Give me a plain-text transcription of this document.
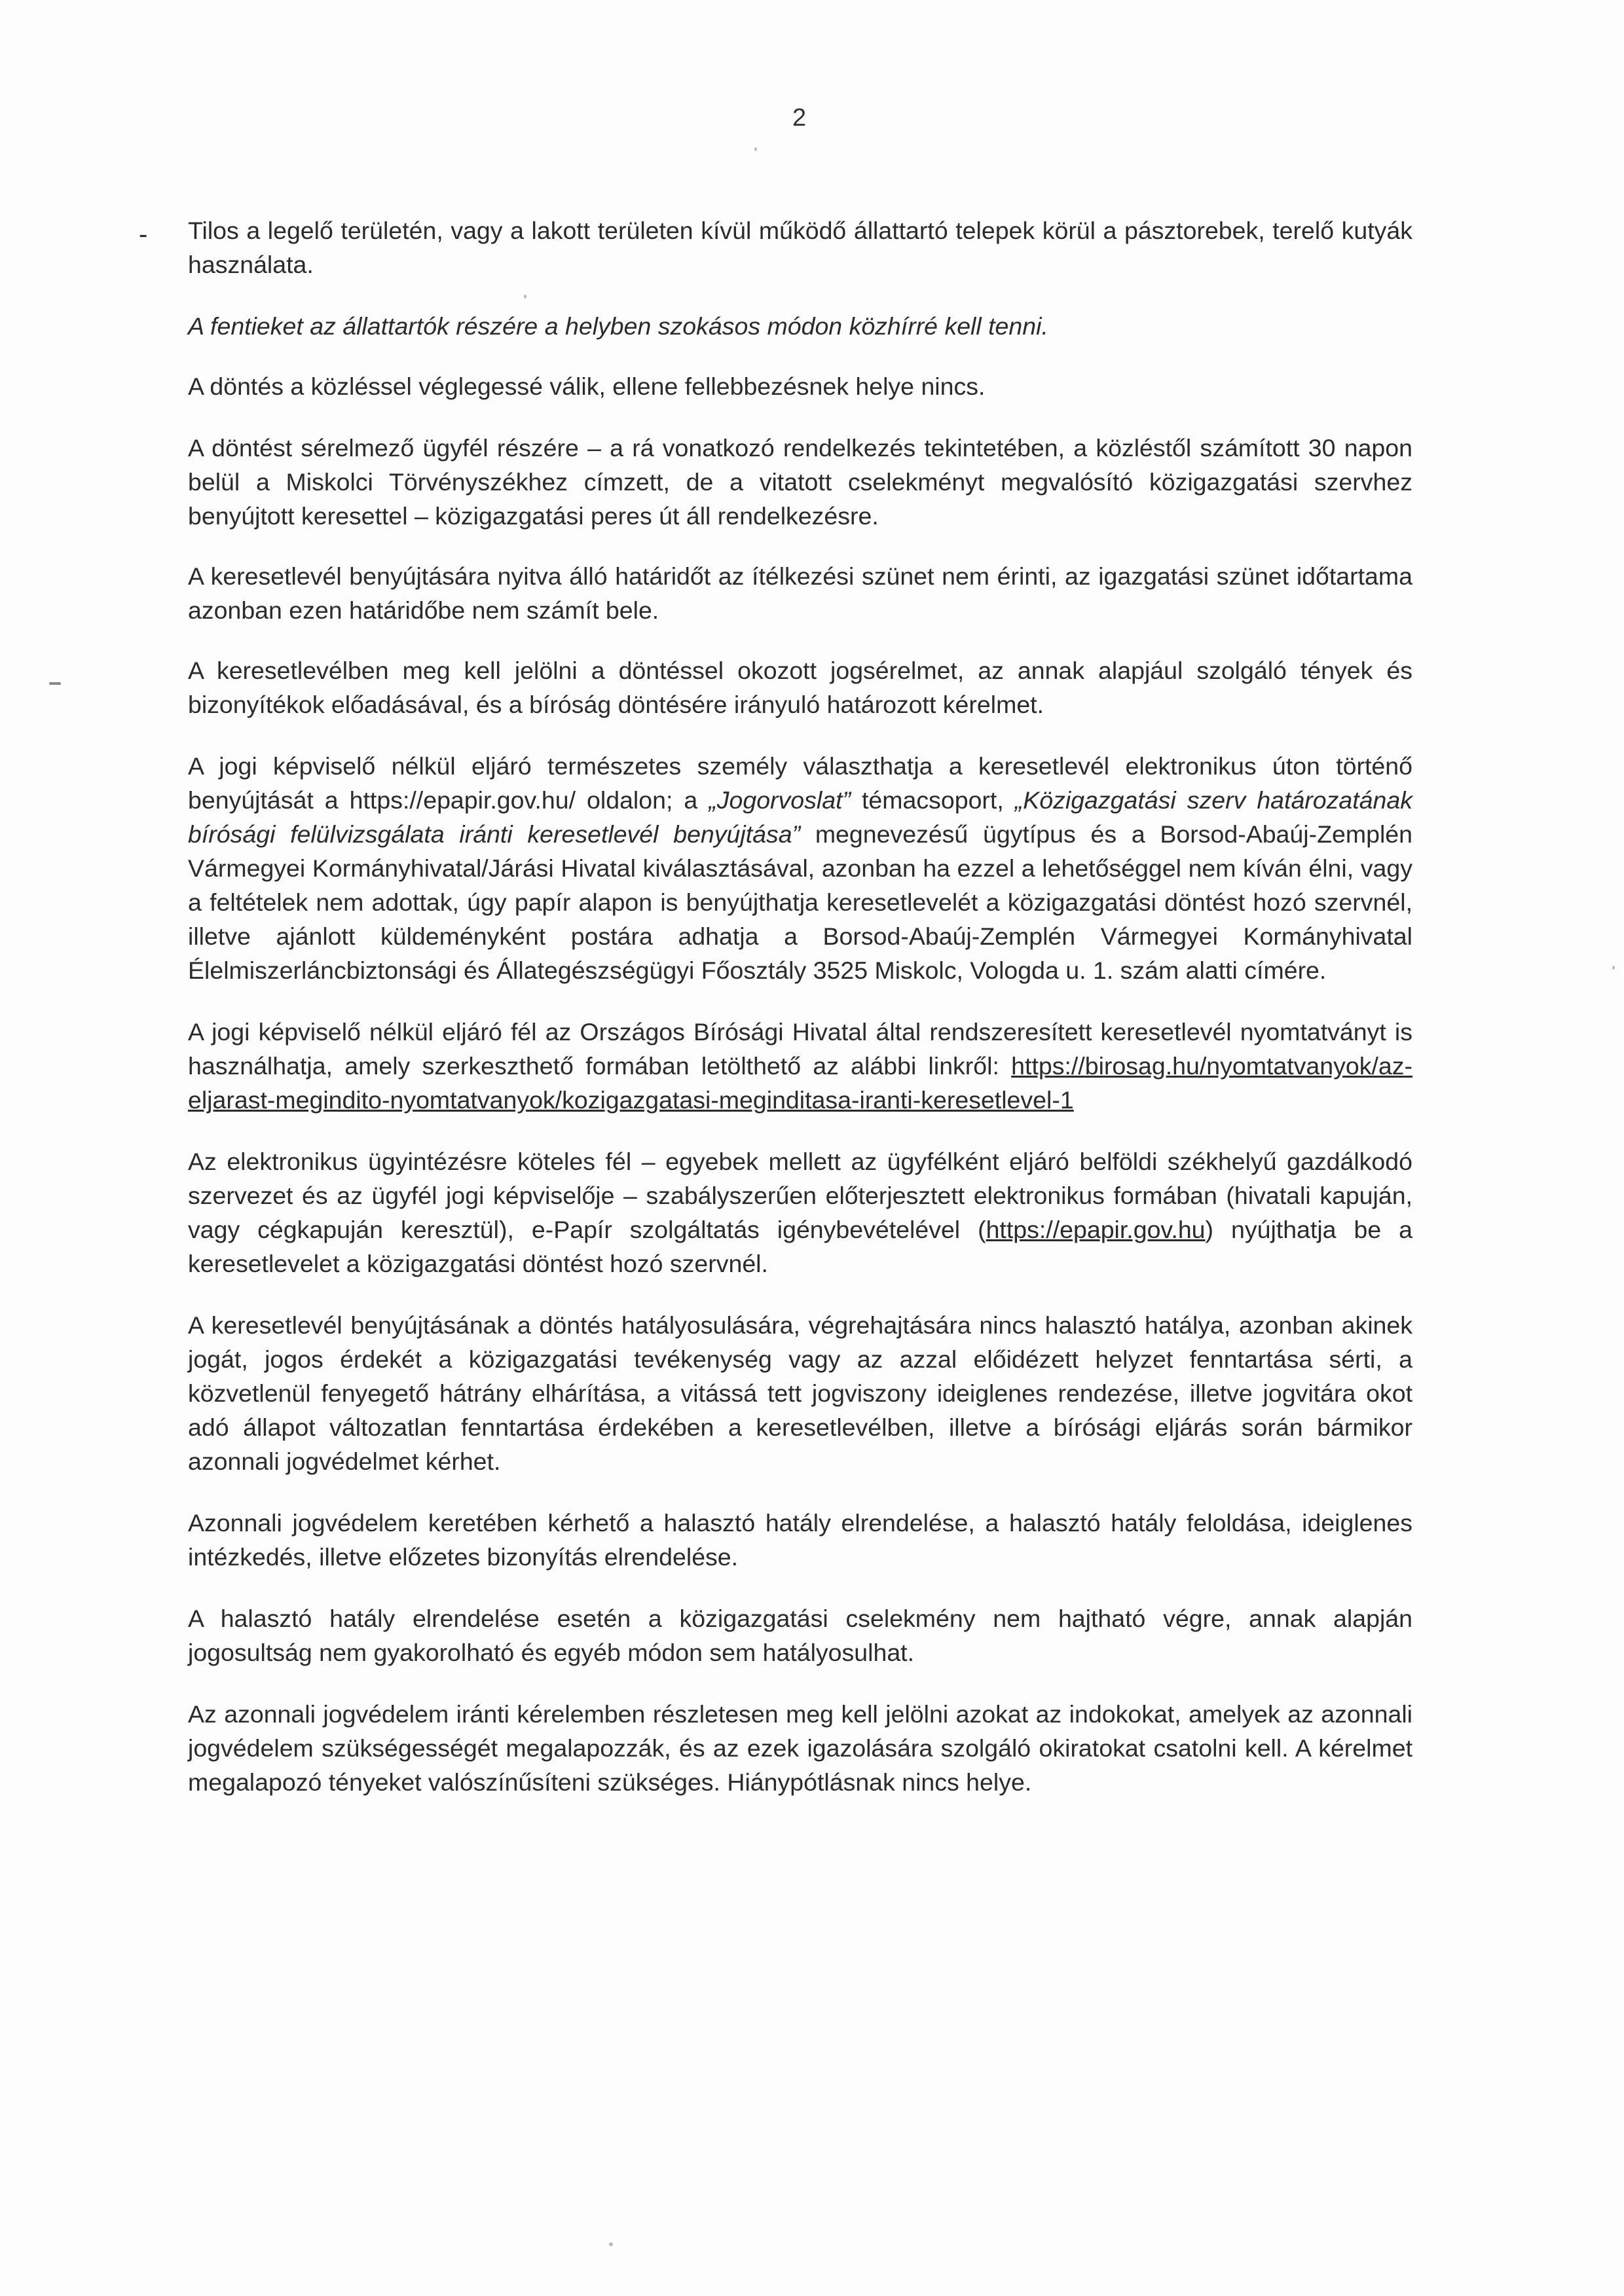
2
- Tilos a legelő területén, vagy a lakott területen kívül működő állattartó telepek körül a pásztorebek, terelő kutyák használata.

A fentieket az állattartók részére a helyben szokásos módon közhírré kell tenni.

A döntés a közléssel véglegessé válik, ellene fellebbezésnek helye nincs.

A döntést sérelmező ügyfél részére – a rá vonatkozó rendelkezés tekintetében, a közléstől számított 30 napon belül a Miskolci Törvényszékhez címzett, de a vitatott cselekményt megvalósító közigazgatási szervhez benyújtott keresettel – közigazgatási peres út áll rendelkezésre.

A keresetlevél benyújtására nyitva álló határidőt az ítélkezési szünet nem érinti, az igazgatási szünet időtartama azonban ezen határidőbe nem számít bele.

A keresetlevélben meg kell jelölni a döntéssel okozott jogsérelmet, az annak alapjául szolgáló tények és bizonyítékok előadásával, és a bíróság döntésére irányuló határozott kérelmet.

A jogi képviselő nélkül eljáró természetes személy választhatja a keresetlevél elektronikus úton történő benyújtását a https://epapir.gov.hu/ oldalon; a „Jogorvoslat” témacsoport, „Közigazgatási szerv határozatának bírósági felülvizsgálata iránti keresetlevél benyújtása” megnevezésű ügytípus és a Borsod-Abaúj-Zemplén Vármegyei Kormányhivatal/Járási Hivatal kiválasztásával, azonban ha ezzel a lehetőséggel nem kíván élni, vagy a feltételek nem adottak, úgy papír alapon is benyújthatja keresetlevelét a közigazgatási döntést hozó szervnél, illetve ajánlott küldeményként postára adhatja a Borsod-Abaúj-Zemplén Vármegyei Kormányhivatal Élelmiszerláncbiztonsági és Állategészségügyi Főosztály 3525 Miskolc, Vologda u. 1. szám alatti címére.

A jogi képviselő nélkül eljáró fél az Országos Bírósági Hivatal által rendszeresített keresetlevél nyomtatványt is használhatja, amely szerkeszthető formában letölthető az alábbi linkről: https://birosag.hu/nyomtatvanyok/az-eljarast-megindito-nyomtatvanyok/kozigazgatasi-meginditasa-iranti-keresetlevel-1

Az elektronikus ügyintézésre köteles fél – egyebek mellett az ügyfélként eljáró belföldi székhelyű gazdálkodó szervezet és az ügyfél jogi képviselője – szabályszerűen előterjesztett elektronikus formában (hivatali kapuján, vagy cégkapuján keresztül), e-Papír szolgáltatás igénybevételével (https://epapir.gov.hu) nyújthatja be a keresetlevelet a közigazgatási döntést hozó szervnél.

A keresetlevél benyújtásának a döntés hatályosulására, végrehajtására nincs halasztó hatálya, azonban akinek jogát, jogos érdekét a közigazgatási tevékenység vagy az azzal előidézett helyzet fenntartása sérti, a közvetlenül fenyegető hátrány elhárítása, a vitássá tett jogviszony ideiglenes rendezése, illetve jogvitára okot adó állapot változatlan fenntartása érdekében a keresetlevélben, illetve a bírósági eljárás során bármikor azonnali jogvédelmet kérhet.

Azonnali jogvédelem keretében kérhető a halasztó hatály elrendelése, a halasztó hatály feloldása, ideiglenes intézkedés, illetve előzetes bizonyítás elrendelése.

A halasztó hatály elrendelése esetén a közigazgatási cselekmény nem hajtható végre, annak alapján jogosultság nem gyakorolható és egyéb módon sem hatályosulhat.

Az azonnali jogvédelem iránti kérelemben részletesen meg kell jelölni azokat az indokokat, amelyek az azonnali jogvédelem szükségességét megalapozzák, és az ezek igazolására szolgáló okiratokat csatolni kell. A kérelmet megalapozó tényeket valószínűsíteni szükséges. Hiánypótlásnak nincs helye.
